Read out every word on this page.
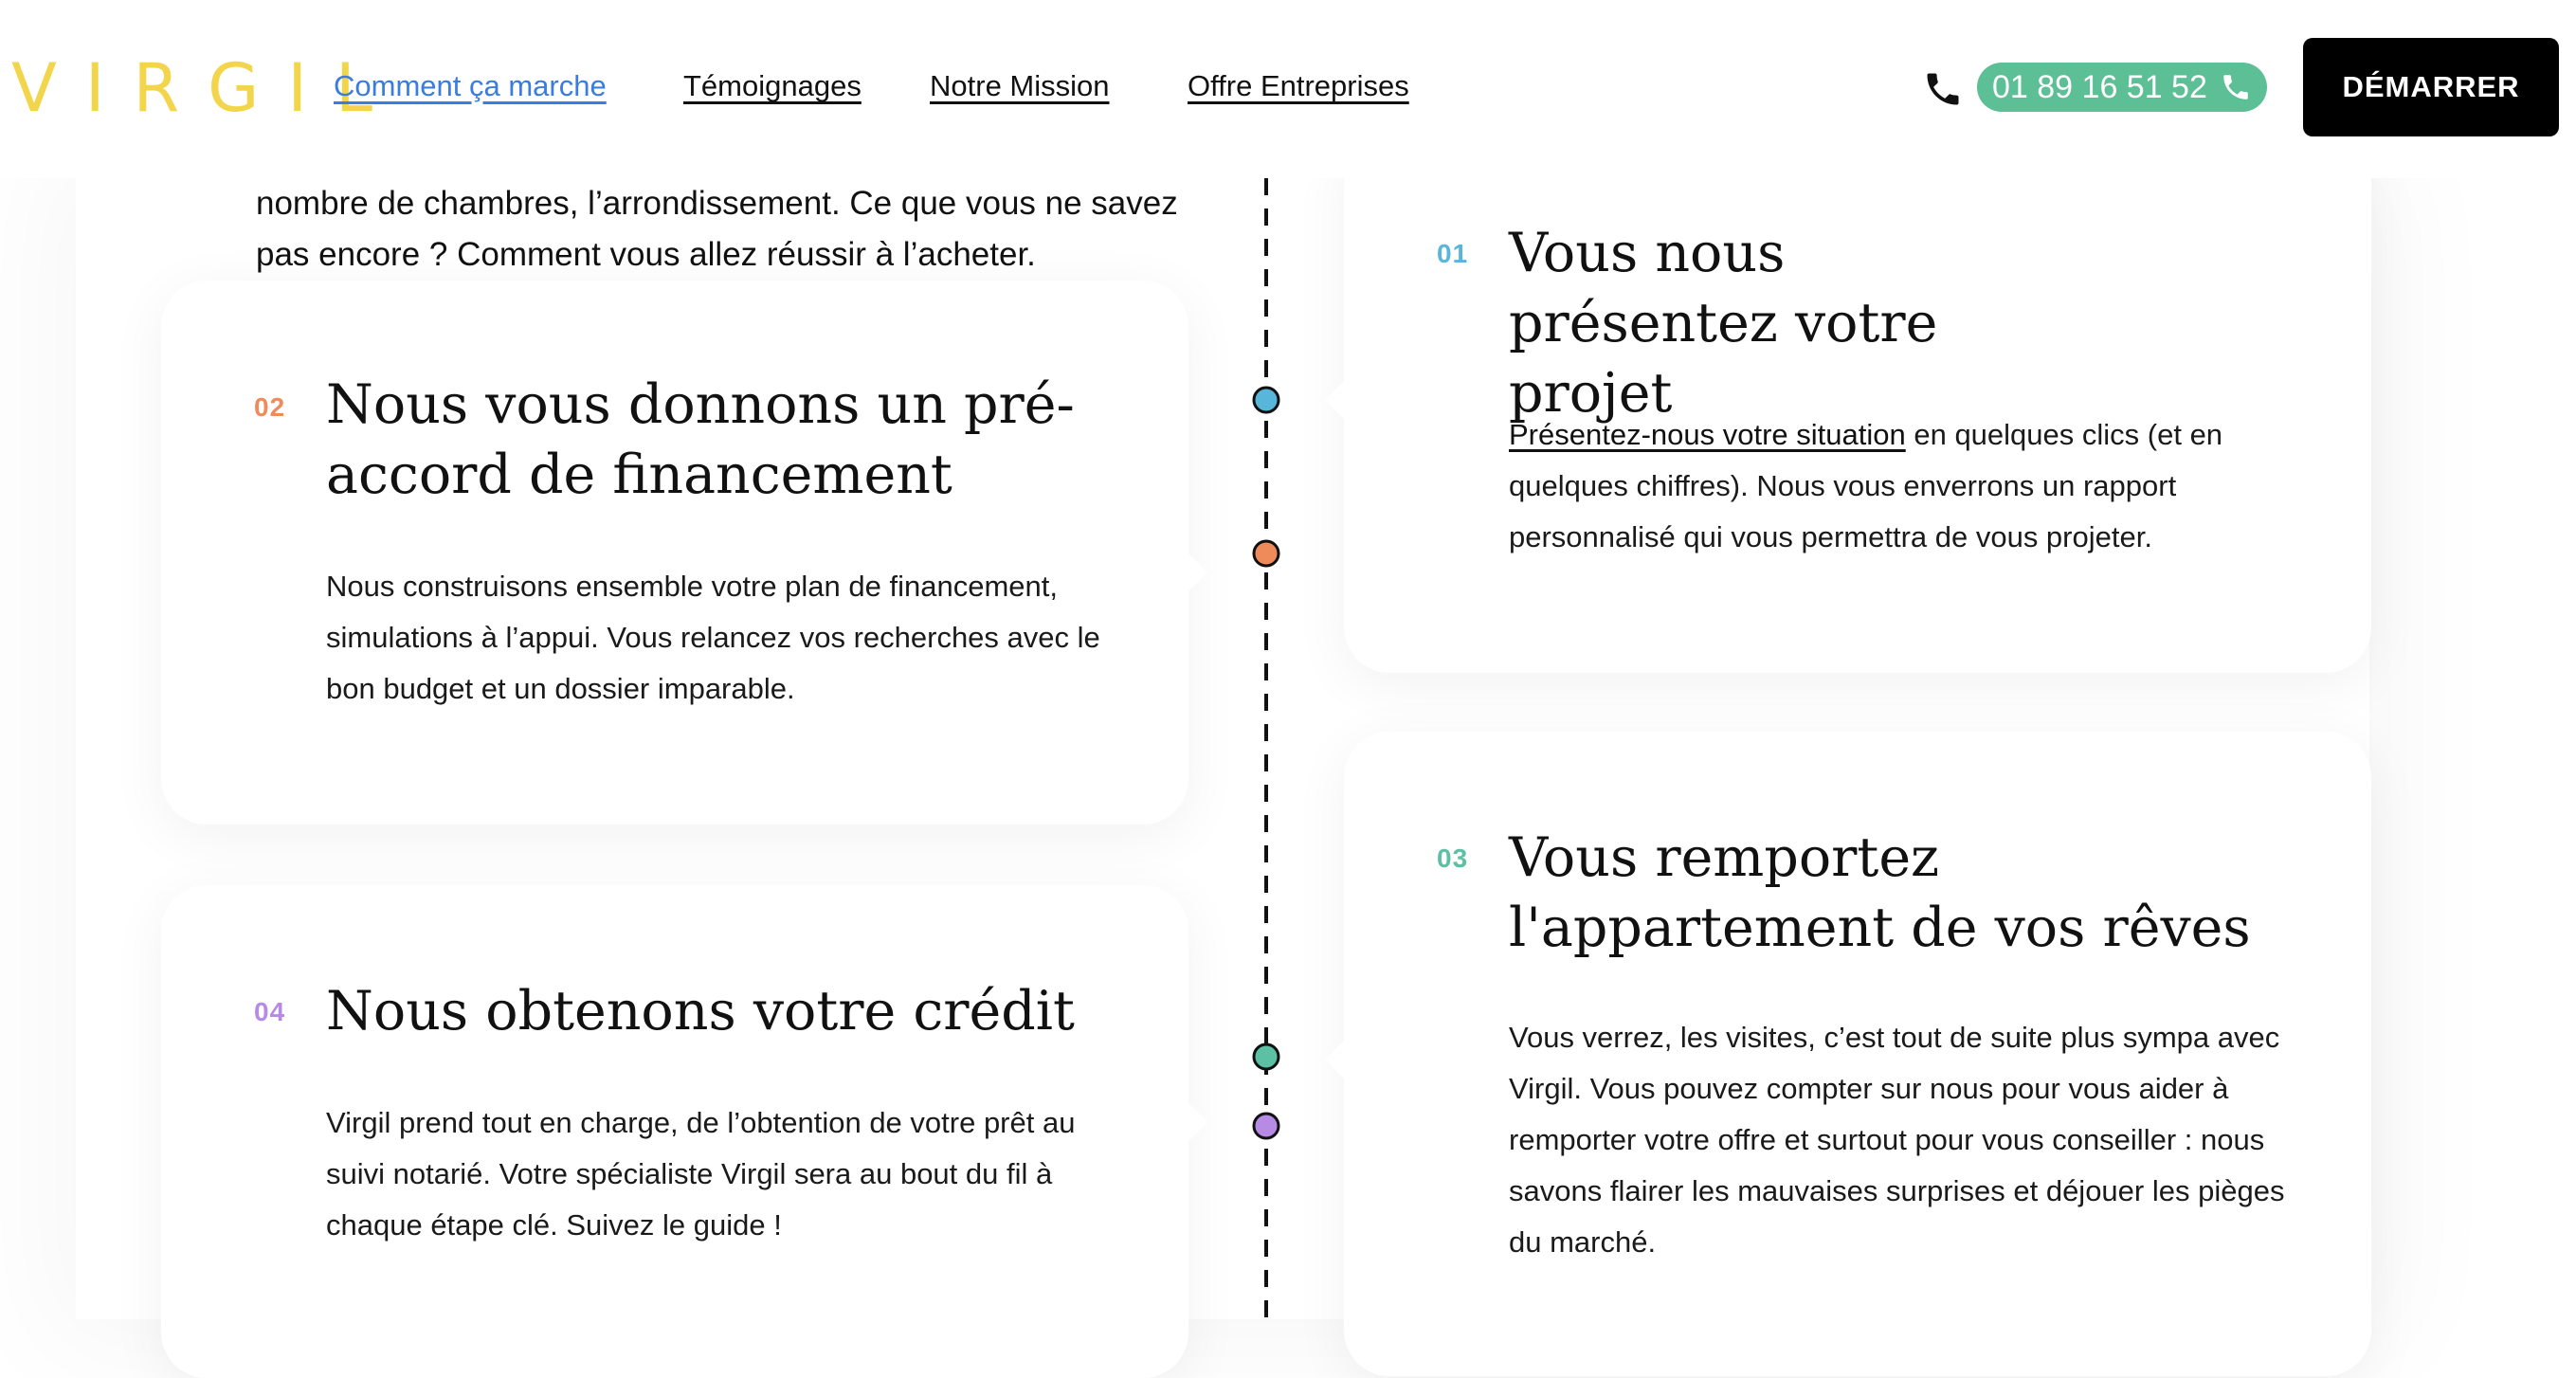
nombre de chambres, l’arrondissement. Ce que vous ne savez pas encore ? Comment vous allez réussir à l’acheter.
02 Nous vous donnons un pré-accord de financement
Nous construisons ensemble votre plan de financement, simulations à l’appui. Vous relancez vos recherches avec le bon budget et un dossier imparable.
04 Nous obtenons votre crédit
Virgil prend tout en charge, de l’obtention de votre prêt au suivi notarié. Votre spécialiste Virgil sera au bout du fil à chaque étape clé. Suivez le guide !
01 Vous nous présentez votre projet
Présentez-nous votre situation en quelques clics (et en quelques chiffres). Nous vous enverrons un rapport personnalisé qui vous permettra de vous projeter.
03 Vous remportez l'appartement de vos rêves
Vous verrez, les visites, c’est tout de suite plus sympa avec Virgil. Vous pouvez compter sur nous pour vous aider à remporter votre offre et surtout pour vous conseiller : nous savons flairer les mauvaises surprises et déjouer les pièges du marché.
VIRGIL
Comment ça marche	Témoignages Notre Mission	Offre Entreprises	01 89 16 51 52	DÉMARRER
